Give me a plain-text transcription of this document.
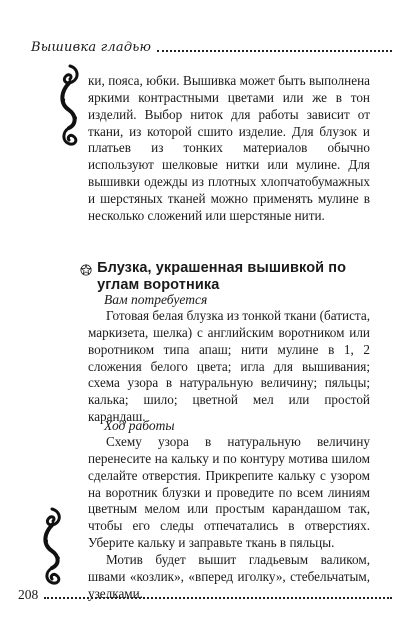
Вышивка гладью

ки, пояса, юбки. Вышивка может быть выполнена яркими контрастными цветами или же в тон изделий. Выбор ниток для работы зависит от ткани, из которой сшито изделие. Для блузок и платьев из тонких материалов обычно используют шелковые нитки или мулине. Для вышивки одежды из плотных хлопчатобумажных и шерстяных тканей можно применять мулине в несколько сложений или шерстяные нити.

Блузка, украшенная вышивкой по углам воротника
Вам потребуется

Готовая белая блузка из тонкой ткани (батиста, маркизета, шелка) с английским воротником или воротником типа апаш; нити мулине в 1, 2 сложения белого цвета; игла для вышивания; схема узора в натуральную величину; пяльцы; калька; шило; цветной мел или простой карандаш.

Ход работы

Схему узора в натуральную величину перенесите на кальку и по контуру мотива шилом сделайте отверстия. Прикрепите кальку с узором на воротник блузки и проведите по всем линиям цветным мелом или простым карандашом так, чтобы его следы отпечатались в отверстиях. Уберите кальку и заправьте ткань в пяльцы.

Мотив будет вышит гладьевым валиком, швами «козлик», «вперед иголку», стебельчатым, узелками.

208
